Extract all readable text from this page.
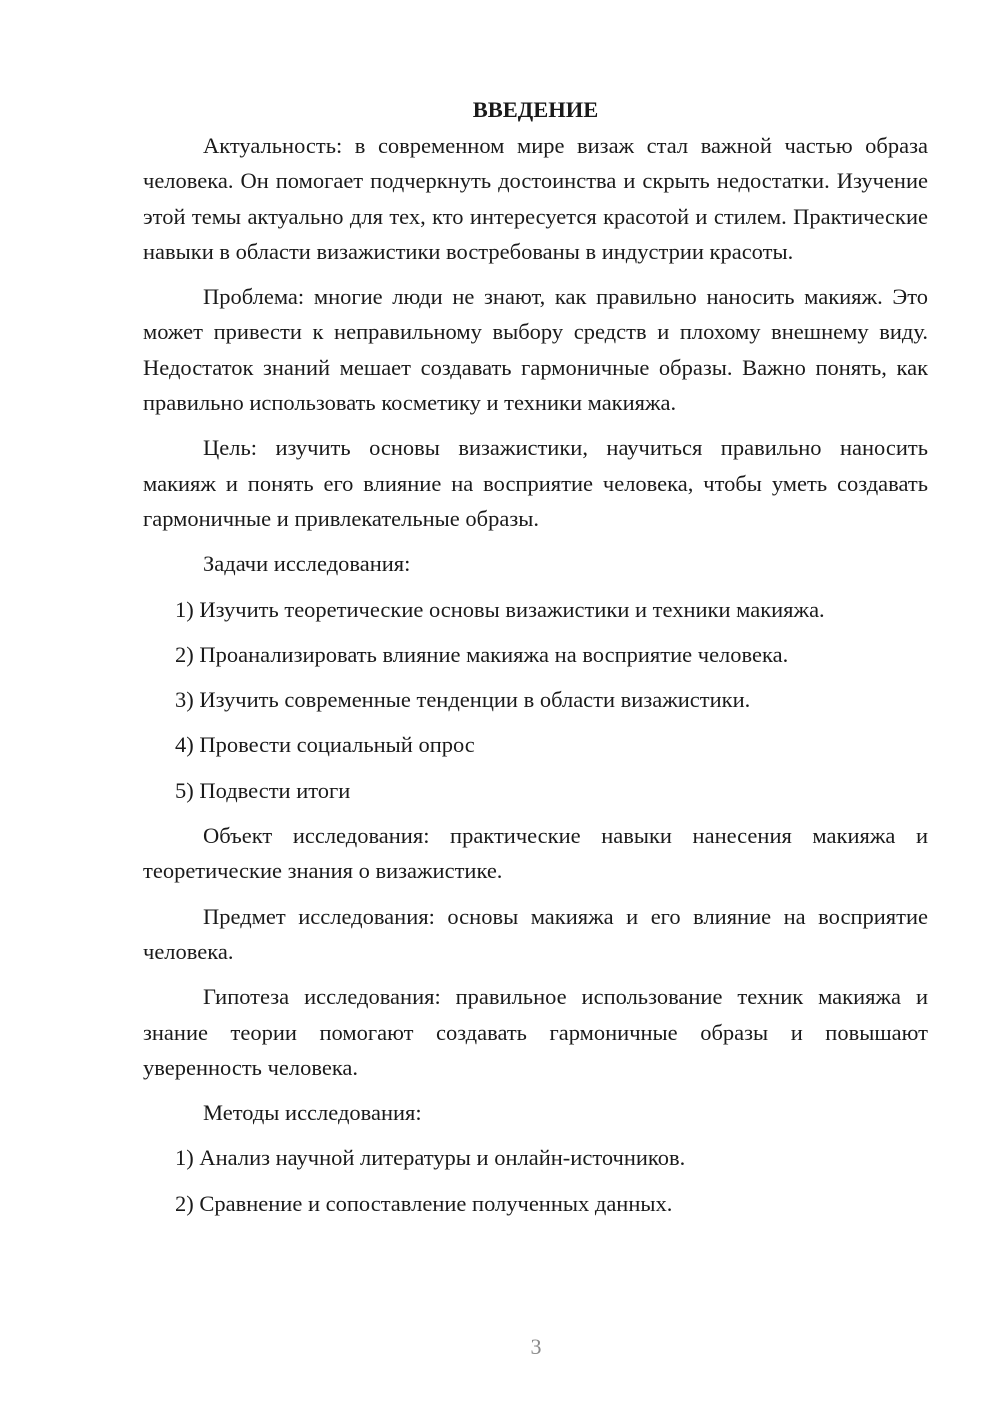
ВВЕДЕНИЕ

Актуальность: в современном мире визаж стал важной частью образа человека. Он помогает подчеркнуть достоинства и скрыть недостатки. Изучение этой темы актуально для тех, кто интересуется красотой и стилем. Практические навыки в области визажистики востребованы в индустрии красоты.

Проблема: многие люди не знают, как правильно наносить макияж. Это может привести к неправильному выбору средств и плохому внешнему виду. Недостаток знаний мешает создавать гармоничные образы. Важно понять, как правильно использовать косметику и техники макияжа.

Цель: изучить основы визажистики, научиться правильно наносить макияж и понять его влияние на восприятие человека, чтобы уметь создавать гармоничные и привлекательные образы.

Задачи исследования:

1) Изучить теоретические основы визажистики и техники макияжа.

2) Проанализировать влияние макияжа на восприятие человека.

3) Изучить современные тенденции в области визажистики.

4) Провести социальный опрос

5) Подвести итоги

Объект исследования: практические навыки нанесения макияжа и теоретические знания о визажистике.

Предмет исследования: основы макияжа и его влияние на восприятие человека.

Гипотеза исследования: правильное использование техник макияжа и знание теории помогают создавать гармоничные образы и повышают уверенность человека.

Методы исследования:

1) Анализ научной литературы и онлайн-источников.

2) Сравнение и сопоставление полученных данных.

3
